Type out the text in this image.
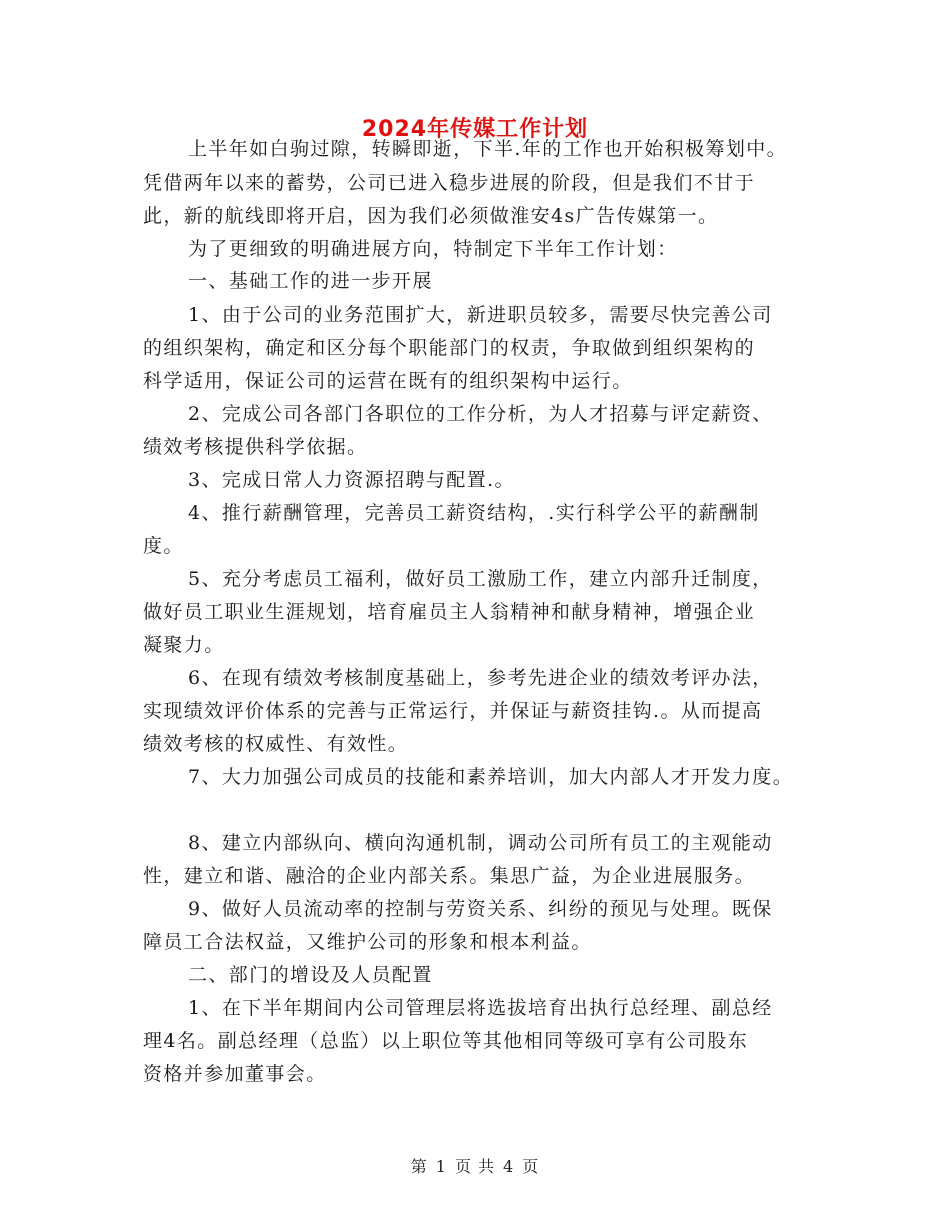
2024年传媒工作计划
上半年如白驹过隙，转瞬即逝，下半.年的工作也开始积极筹划中。
凭借两年以来的蓄势，公司已进入稳步进展的阶段，但是我们不甘于
此，新的航线即将开启，因为我们必须做淮安4s广告传媒第一。
为了更细致的明确进展方向，特制定下半年工作计划：
一、基础工作的进一步开展
1、由于公司的业务范围扩大，新进职员较多，需要尽快完善公司
的组织架构，确定和区分每个职能部门的权责，争取做到组织架构的
科学适用，保证公司的运营在既有的组织架构中运行。
2、完成公司各部门各职位的工作分析，为人才招募与评定薪资、
绩效考核提供科学依据。
3、完成日常人力资源招聘与配置.。
4、推行薪酬管理，完善员工薪资结构，.实行科学公平的薪酬制
度。
5、充分考虑员工福利，做好员工激励工作，建立内部升迁制度，
做好员工职业生涯规划，培育雇员主人翁精神和献身精神，增强企业
凝聚力。
6、在现有绩效考核制度基础上，参考先进企业的绩效考评办法，
实现绩效评价体系的完善与正常运行，并保证与薪资挂钩.。从而提高
绩效考核的权威性、有效性。
7、大力加强公司成员的技能和素养培训，加大内部人才开发力度。
8、建立内部纵向、横向沟通机制，调动公司所有员工的主观能动
性，建立和谐、融洽的企业内部关系。集思广益，为企业进展服务。
9、做好人员流动率的控制与劳资关系、纠纷的预见与处理。既保
障员工合法权益，又维护公司的形象和根本利益。
二、部门的增设及人员配置
1、在下半年期间内公司管理层将选拔培育出执行总经理、副总经
理4名。副总经理（总监）以上职位等其他相同等级可享有公司股东
资格并参加董事会。
第 1 页 共 4 页
